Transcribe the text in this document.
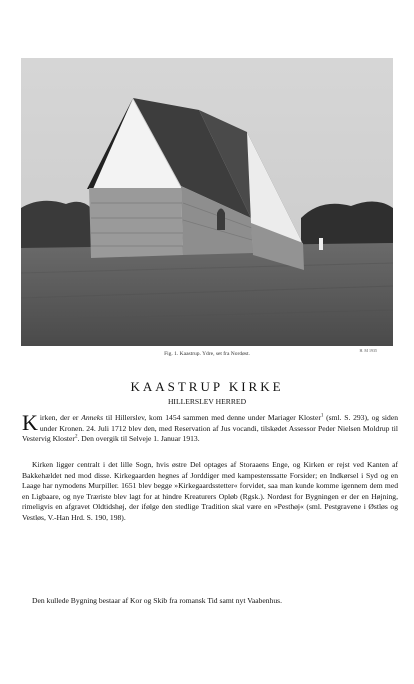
Fig. 1. Kaastrup. Ydre, set fra Nordøst.
H. M 1935
KAASTRUP KIRKE
HILLERSLEV HERRED
Kirken, der er Anneks til Hillerslev, kom 1454 sammen med denne under Mariager Kloster$^1$ (sml. S. 293), og siden under Kronen. 24. Juli 1712 blev den, med Reservation af Jus vocandi, tilskødet Assessor Peder Nielsen Moldrup til Vestervig Kloster$^2$. Den overgik til Selveje 1. Januar 1913.
Kirken ligger centralt i det lille Sogn, hvis østre Del optages af Storaaens Enge, og Kirken er rejst ved Kanten af Bakkehældet ned mod disse. Kirkegaarden hegnes af Jorddiger med kampestenssatte Forsider; en Indkørsel i Syd og en Laage har nymodens Murpiller. 1651 blev begge »Kirkegaardsstetter« forvidet, saa man kunde komme igennem dem med en Ligbaare, og nye Træriste blev lagt for at hindre Kreaturers Opløb (Rgsk.). Nordøst for Bygningen er der en Højning, rimeligvis en afgravet Oldtidshøj, der ifølge den stedlige Tradition skal være en »Pesthøj« (sml. Pestgravene i Østløs og Vestløs, V.-Han Hrd. S. 190, 198).
Den kullede Bygning bestaar af Kor og Skib fra romansk Tid samt nyt Vaabenhus.
